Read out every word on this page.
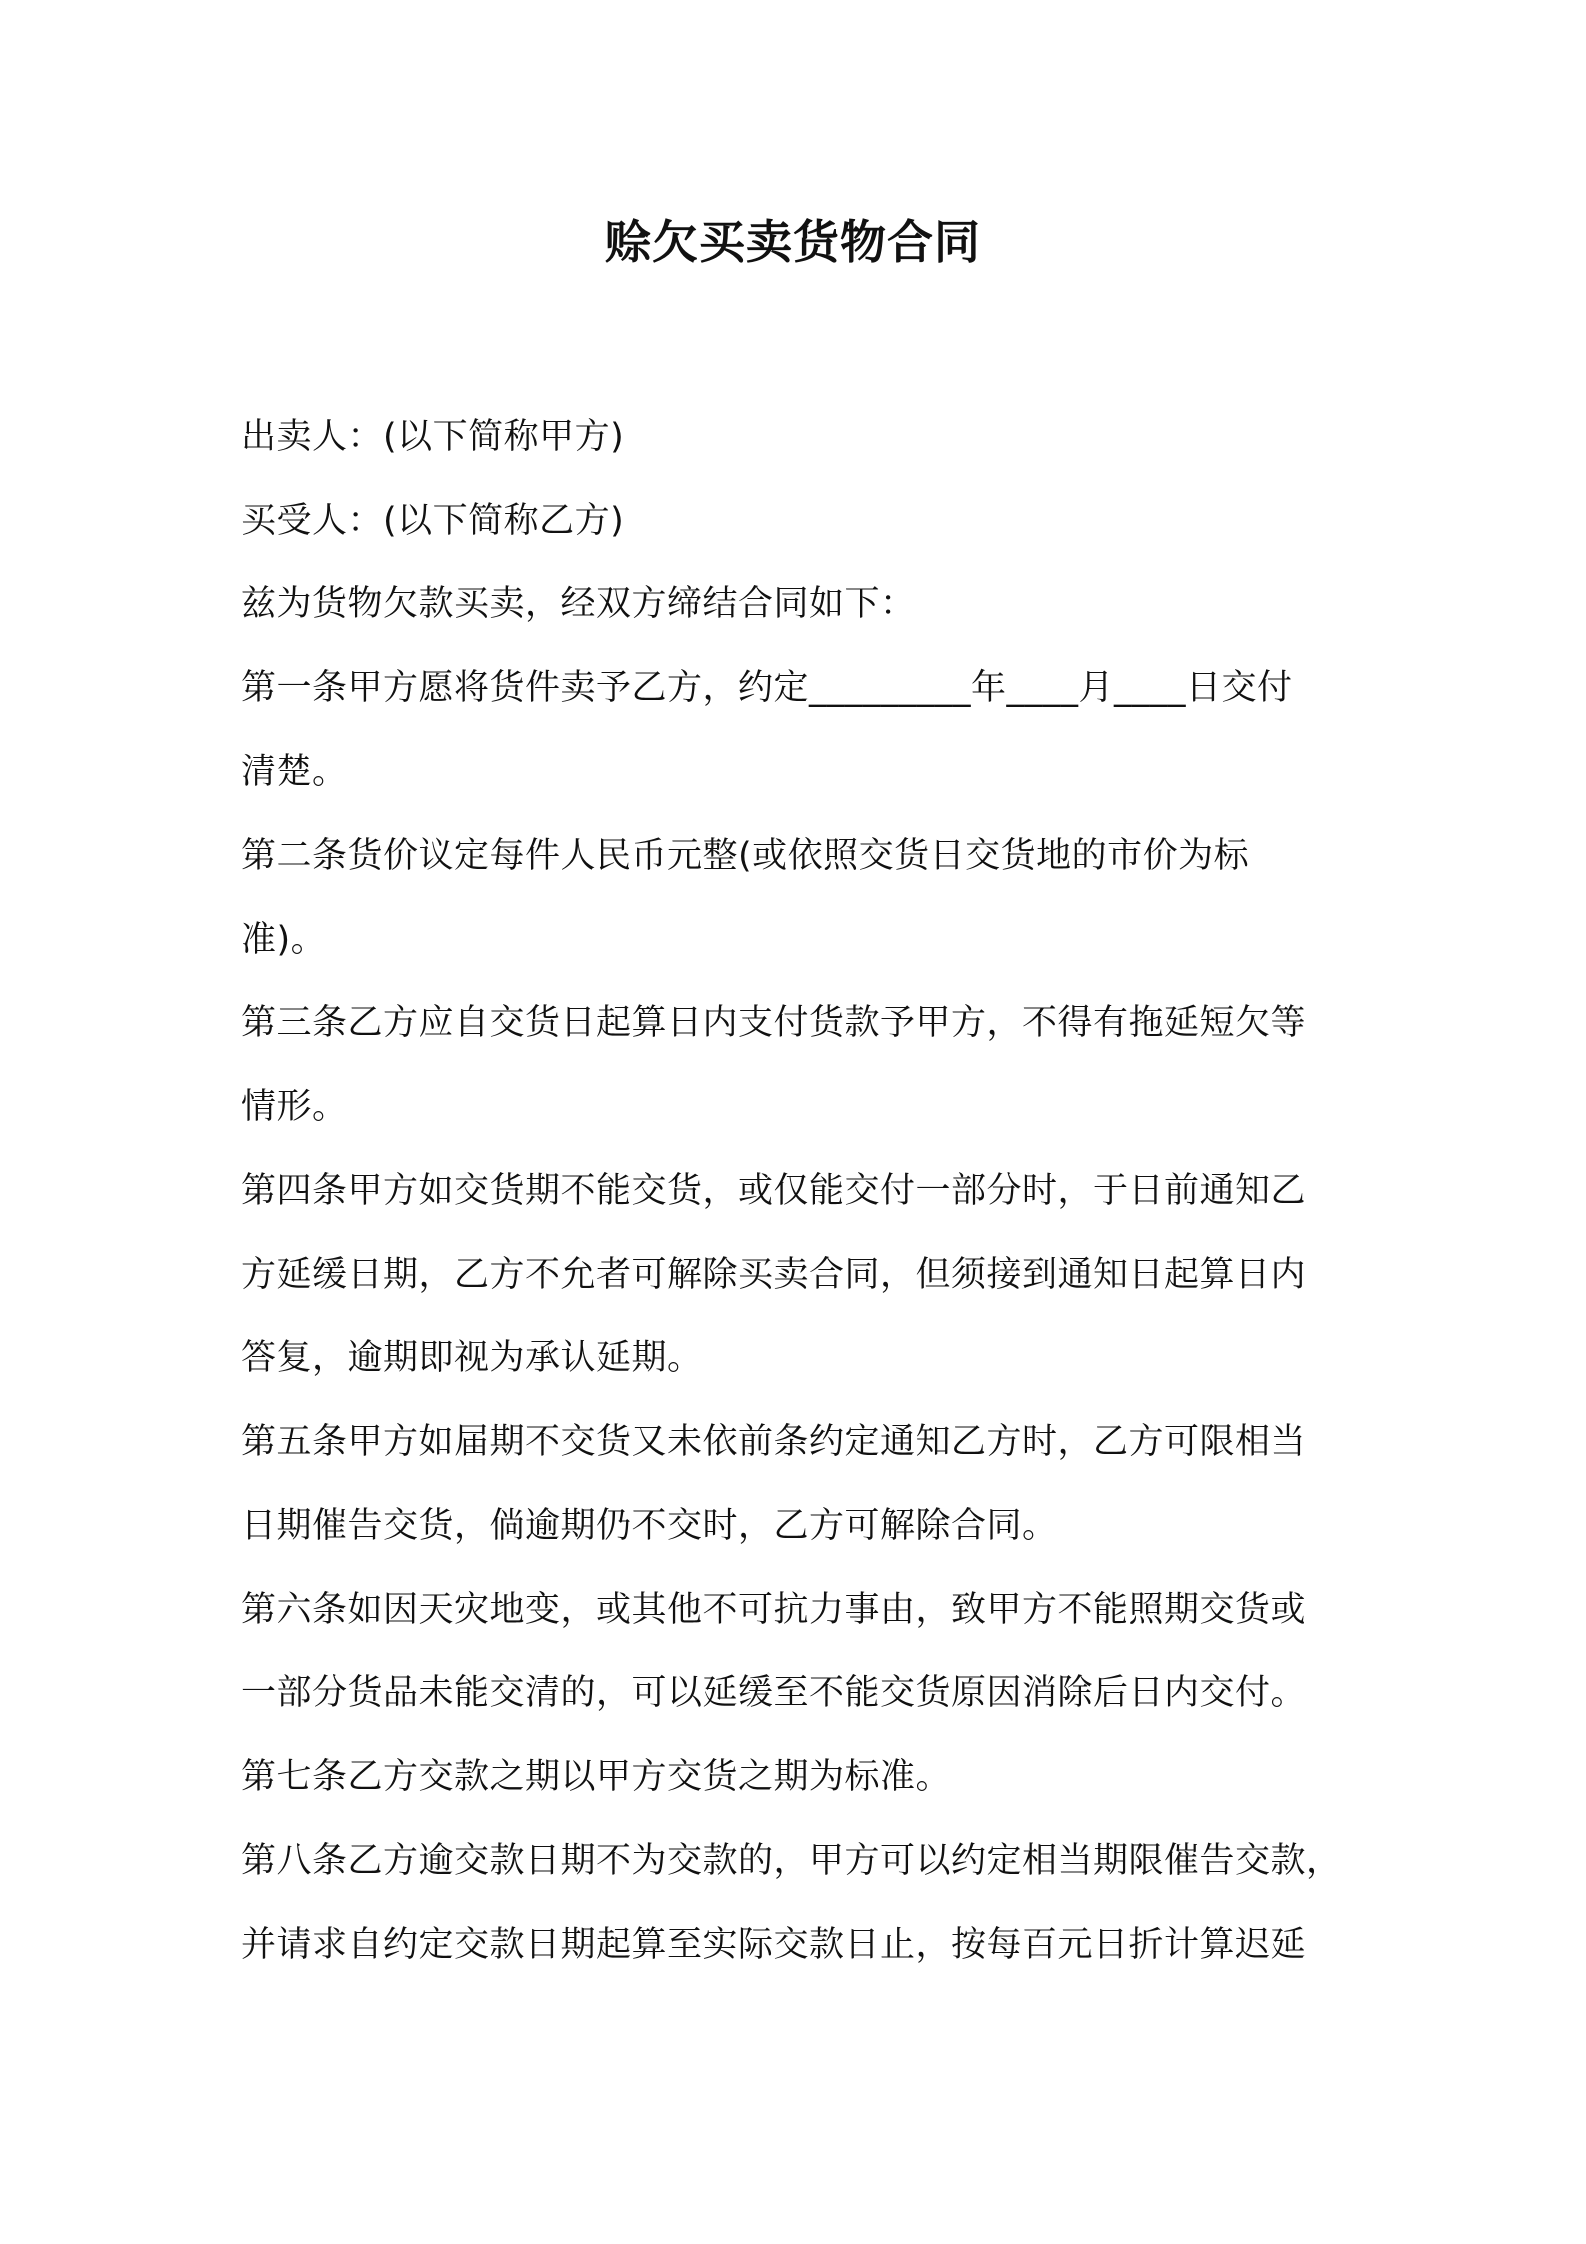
赊欠买卖货物合同
出卖人：(以下简称甲方)
买受人：(以下简称乙方)
兹为货物欠款买卖，经双方缔结合同如下：
第一条甲方愿将货件卖予乙方，约定_________年____月____日交付
清楚。
第二条货价议定每件人民币元整(或依照交货日交货地的市价为标
准)。
第三条乙方应自交货日起算日内支付货款予甲方，不得有拖延短欠等
情形。
第四条甲方如交货期不能交货，或仅能交付一部分时，于日前通知乙
方延缓日期，乙方不允者可解除买卖合同，但须接到通知日起算日内
答复，逾期即视为承认延期。
第五条甲方如届期不交货又未依前条约定通知乙方时，乙方可限相当
日期催告交货，倘逾期仍不交时，乙方可解除合同。
第六条如因天灾地变，或其他不可抗力事由，致甲方不能照期交货或
一部分货品未能交清的，可以延缓至不能交货原因消除后日内交付。
第七条乙方交款之期以甲方交货之期为标准。
第八条乙方逾交款日期不为交款的，甲方可以约定相当期限催告交款，
并请求自约定交款日期起算至实际交款日止，按每百元日折计算迟延
